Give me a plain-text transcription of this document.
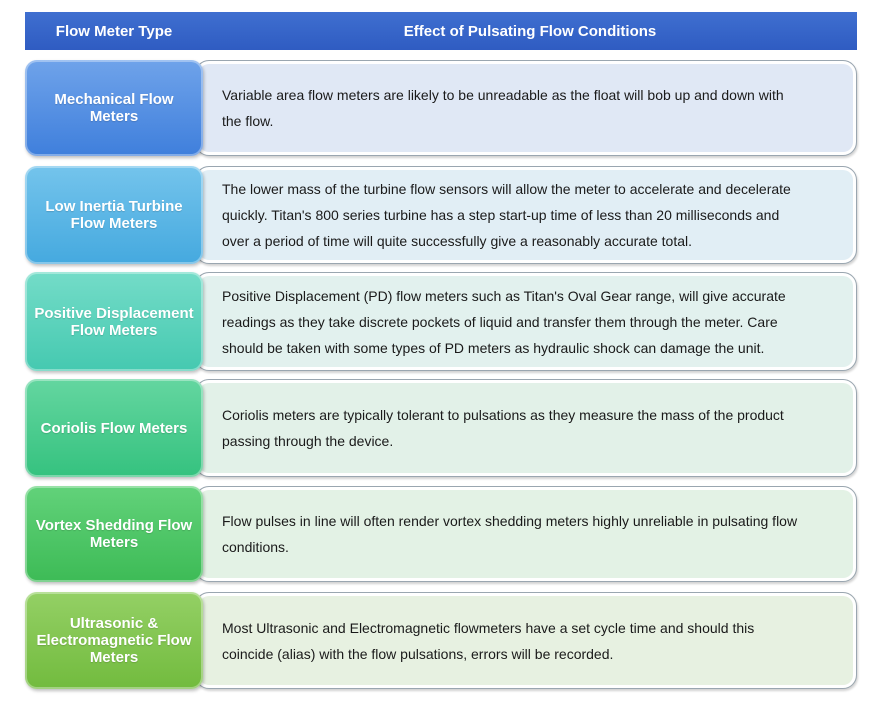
Flow Meter Type	Effect of Pulsating Flow Conditions
Variable area flow meters are likely to be unreadable as the float will bob up and down with
the flow.
Mechanical Flow Meters
The lower mass of the turbine flow sensors will allow the meter to accelerate and decelerate
quickly. Titan's 800 series turbine has a step start-up time of less than 20 milliseconds and
over a period of time will quite successfully give a reasonably accurate total.
Low Inertia Turbine Flow Meters
Positive Displacement (PD) flow meters such as Titan's Oval Gear range, will give accurate
readings as they take discrete pockets of liquid and transfer them through the meter. Care
should be taken with some types of PD meters as hydraulic shock can damage the unit.
Positive Displacement Flow Meters
Coriolis meters are typically tolerant to pulsations as they measure the mass of the product
passing through the device.
Coriolis Flow Meters
Flow pulses in line will often render vortex shedding meters highly unreliable in pulsating flow
conditions.
Vortex Shedding Flow Meters
Most Ultrasonic and Electromagnetic flowmeters have a set cycle time and should this
coincide (alias) with the flow pulsations, errors will be recorded.
Ultrasonic & Electromagnetic Flow Meters
